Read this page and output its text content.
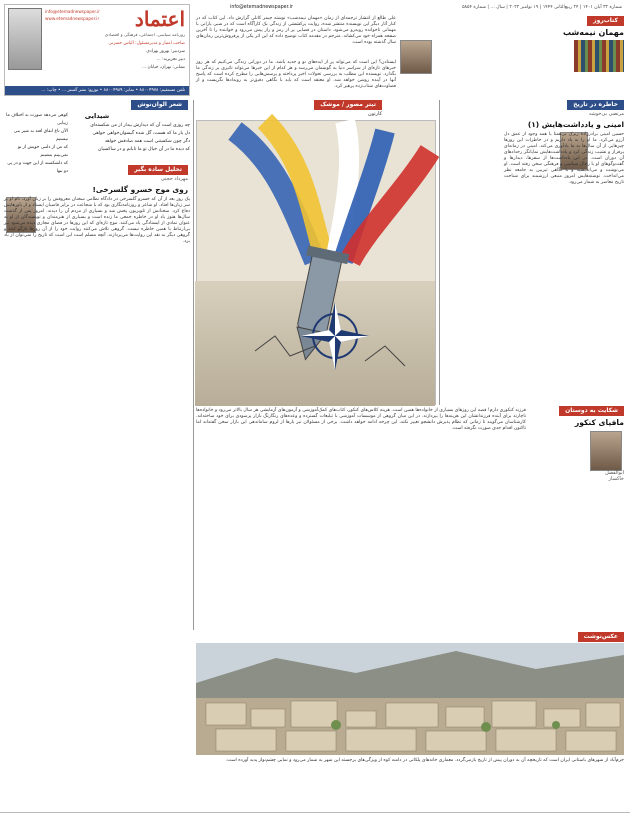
شماره ۳۲ آبان ۱۴۰۱ | ۲۴ ربیع‌الثانی ۱۴۴۴ | ۱۹ نوامبر ۲۰۲۲ | سال ... | شماره ۵۸۵۴
info@etemadnewspaper.ir
اعتماد
info@etemadnewspaper.ir
www.etemadnewspaper.ir
روزنامه سیاسی، اجتماعی، فرهنگی و اقتصادی
صاحب امتیاز و مدیرمسئول: الیاس حضرتی
سردبیر: بهروز بهزادی
دبیر تحریریه: ...
نشانی: تهران، خیابان ...
تلفن مستقیم: ۸۸۰۰۴۹۷۸ • نمابر: ۸۸۰۰۴۹۸۹ • توزیع: نشر گستر ... • چاپ: ...
کتاب‌روز
مهمان نیمه‌شب
علی طالع از انتشار ترجمه‌ای از رمان «مهمان نیمه‌شب» نوشته جیمز کانلی گزارش داد. این کتاب که در کنار آثار دیگر این نویسنده منتشر شده، روایت پرکششی از زندگی یک کارآگاه است که در شبی بارانی با مهمانی ناخوانده روبه‌رو می‌شود. داستان در فضایی پر از رمز و راز پیش می‌رود و خواننده را تا آخرین صفحه همراه خود می‌کشاند. مترجم در مقدمه کتاب توضیح داده که این اثر یکی از پرفروش‌ترین رمان‌های سال گذشته بوده است.
خاطره در تاریخ
مرتضی بی‌خوشه
امینی و یادداشت‌هایش (۱)
حسین امینی برادرزاده زیرک بی‌همتا با همه وجود از عمق دل آرزو می‌کرد. ما او را به یاد داریم و در خاطرات این روزها چیزهایی از آن سال‌ها به ما یادآوری می‌کند. امینی در زمانه‌ای پرفراز و نشیب زندگی کرد و یادداشت‌هایش نمایانگر رخدادهای آن دوران است. در این یادداشت‌ها از سفرها، دیدارها و گفت‌وگوهای او با رجال سیاسی و فرهنگی سخن رفته است. او می‌نوشت و می‌اندیشید و با نگاهی تیزبین به جامعه نظر می‌انداخت. نوشته‌هایش امروز منبعی ارزشمند برای شناخت تاریخ معاصر به شمار می‌رود.
ایستادن؟ این است که می‌تواند پر از ایده‌های نو و جدید باشد. ما در دورانی زندگی می‌کنیم که هر روز خبرهای تازه‌ای از سراسر دنیا به گوشمان می‌رسد و هر کدام از این خبرها می‌تواند تاثیری بر زندگی ما بگذارد. نویسنده این مطلب به بررسی تحولات اخیر پرداخته و پرسش‌هایی را مطرح کرده است که پاسخ آنها در آینده روشن خواهد شد. او معتقد است که باید با نگاهی دقیق‌تر به رویدادها نگریست و از قضاوت‌های شتاب‌زده پرهیز کرد.
تیتر مصور / موشک
کارتون
شعر الوان‌نوش
شیدایی
چه روزی است آن که دیدارش بیدار از من شکسته‌ای
دل یار ما که هست، گل شده گیسوان‌خواهی خواهی
دگر چون شکستنی است همه صادقش خواهد
که دیده ما در آن خیال تو ما تابانم و در ساکسیان
کوهی می‌دهد صورت به اختلاف ما زیبایی
الآن تاع اتفاق افتد به شیر بنی نیستیم
که من از دلتنی خویش از تو نمی‌بینم بنشینم
که دلشکسته از این جهت و در پی دو تنها	تحلیل ساده بگیر
مهرداد حجتی
روی موج خسرو گلسرخی!
یک روز بعد از آن که خسرو گلسرخی در دادگاه نظامی سخنان معروفش را بر زبان آورد، نام او بر سر زبان‌ها افتاد. او شاعر و روزنامه‌نگاری بود که با شجاعت در برابر قاضیان ایستاد و از باورهایش دفاع کرد. سخنانش از تلویزیون پخش شد و بسیاری از مردم آن را دیدند. امروز پس از گذشت سال‌ها هنوز یاد او در خاطره جمعی ما زنده است و بسیاری از هنرمندان و نویسندگان از او به عنوان نمادی از ایستادگی یاد می‌کنند. موج تازه‌ای که این روزها در فضای مجازی دیده می‌شود نیز بی‌ارتباط با همین خاطره نیست. گروهی تلاش می‌کنند روایت خود را از آن روزها بازگو کنند و گروهی دیگر به نقد این روایت‌ها می‌پردازند. آنچه مسلم است این است که تاریخ را نمی‌توان از یاد برد.
شکایت به دوستان
مافیای کنکور
ابوالفضل خاکسار
فرزند کنکوری دارم! قصه این روزهای بسیاری از خانواده‌ها همین است. هزینه کلاس‌های کنکور، کتاب‌های کمک‌آموزشی و آزمون‌های آزمایشی هر سال بالاتر می‌رود و خانواده‌ها ناچارند برای آینده فرزندانشان این هزینه‌ها را بپردازند. در این میان گروهی از موسسات آموزشی با تبلیغات گسترده و وعده‌های رنگارنگ بازار پرسودی برای خود ساخته‌اند. کارشناسان می‌گویند تا زمانی که نظام پذیرش دانشجو تغییر نکند، این چرخه ادامه خواهد داشت. برخی از مسئولان نیز بارها از لزوم ساماندهی این بازار سخن گفته‌اند اما تاکنون اقدام جدی صورت نگرفته است.
عکس‌نوشت
خرم‌آباد از شهرهای باستانی ایران است که تاریخچه آن به دوران پیش از تاریخ بازمی‌گردد. معماری خانه‌های پلکانی در دامنه کوه از ویژگی‌های برجسته این شهر به شمار می‌رود و نمایی چشم‌نواز پدید آورده است.
